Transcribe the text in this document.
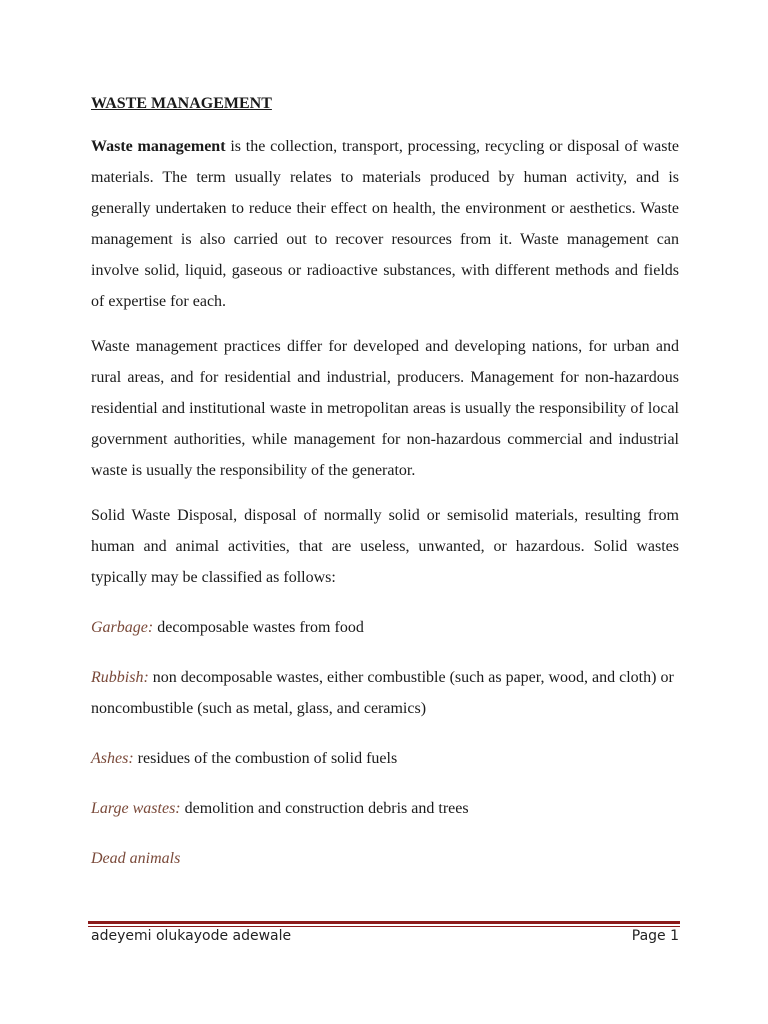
WASTE MANAGEMENT

Waste management is the collection, transport, processing, recycling or disposal of waste materials. The term usually relates to materials produced by human activity, and is generally undertaken to reduce their effect on health, the environment or aesthetics. Waste management is also carried out to recover resources from it. Waste management can involve solid, liquid, gaseous or radioactive substances, with different methods and fields of expertise for each.

Waste management practices differ for developed and developing nations, for urban and rural areas, and for residential and industrial, producers. Management for non-hazardous residential and institutional waste in metropolitan areas is usually the responsibility of local government authorities, while management for non-hazardous commercial and industrial waste is usually the responsibility of the generator.

Solid Waste Disposal, disposal of normally solid or semisolid materials, resulting from human and animal activities, that are useless, unwanted, or hazardous. Solid wastes typically may be classified as follows:

Garbage: decomposable wastes from food
Rubbish: non decomposable wastes, either combustible (such as paper, wood, and cloth) or noncombustible (such as metal, glass, and ceramics)
Ashes: residues of the combustion of solid fuels
Large wastes: demolition and construction debris and trees
Dead animals
adeyemi olukayode adewale	Page 1
